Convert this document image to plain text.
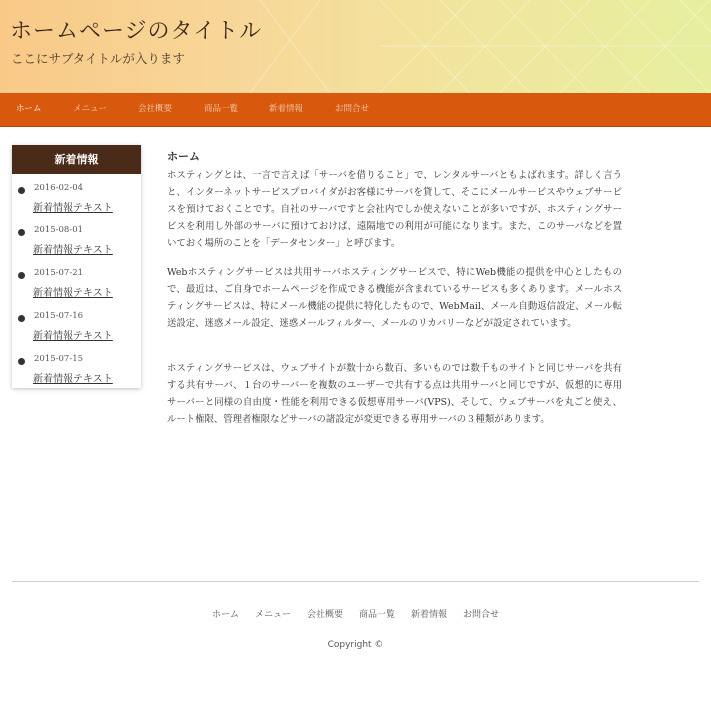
ホームページのタイトル
ここにサブタイトルが入ります
ホーム	メニュー	会社概要	商品一覧	新着情報	お問合せ
新着情報
2016-02-04
新着情報テキスト
2015-08-01
新着情報テキスト
2015-07-21
新着情報テキスト
2015-07-16
新着情報テキスト
2015-07-15
新着情報テキスト
ホーム

ホスティングとは、一言で言えば「サーバを借りること」で、レンタルサーバともよばれます。詳しく言うと、インターネットサービスプロバイダがお客様にサーバを貸して、そこにメールサービスやウェブサービスを預けておくことです。自社のサーバですと会社内でしか使えないことが多いですが、ホスティングサービスを利用し外部のサーバに預けておけば、遠隔地での利用が可能になります。また、このサーバなどを置いておく場所のことを「データセンター」と呼びます。

Webホスティングサービスは共用サーバホスティングサービスで、特にWeb機能の提供を中心としたもので、最近は、ご自身でホームページを作成できる機能が含まれているサービスも多くあります。メールホスティングサービスは、特にメール機能の提供に特化したもので、WebMail、メール自動返信設定、メール転送設定、迷惑メール設定、迷惑メールフィルター、メールのリカバリーなどが設定されています。

ホスティングサービスは、ウェブサイトが数十から数百、多いものでは数千ものサイトと同じサーバを共有する共有サーバ、１台のサーバーを複数のユーザーで共有する点は共用サーバと同じですが、仮想的に専用サーバーと同様の自由度・性能を利用できる仮想専用サーバ(VPS)、そして、ウェブサーバを丸ごと使え、ルート権限、管理者権限などサーバの諸設定が変更できる専用サーバの３種類があります。

ホーム メニュー 会社概要 商品一覧 新着情報 お問合せ
Copyright ©
